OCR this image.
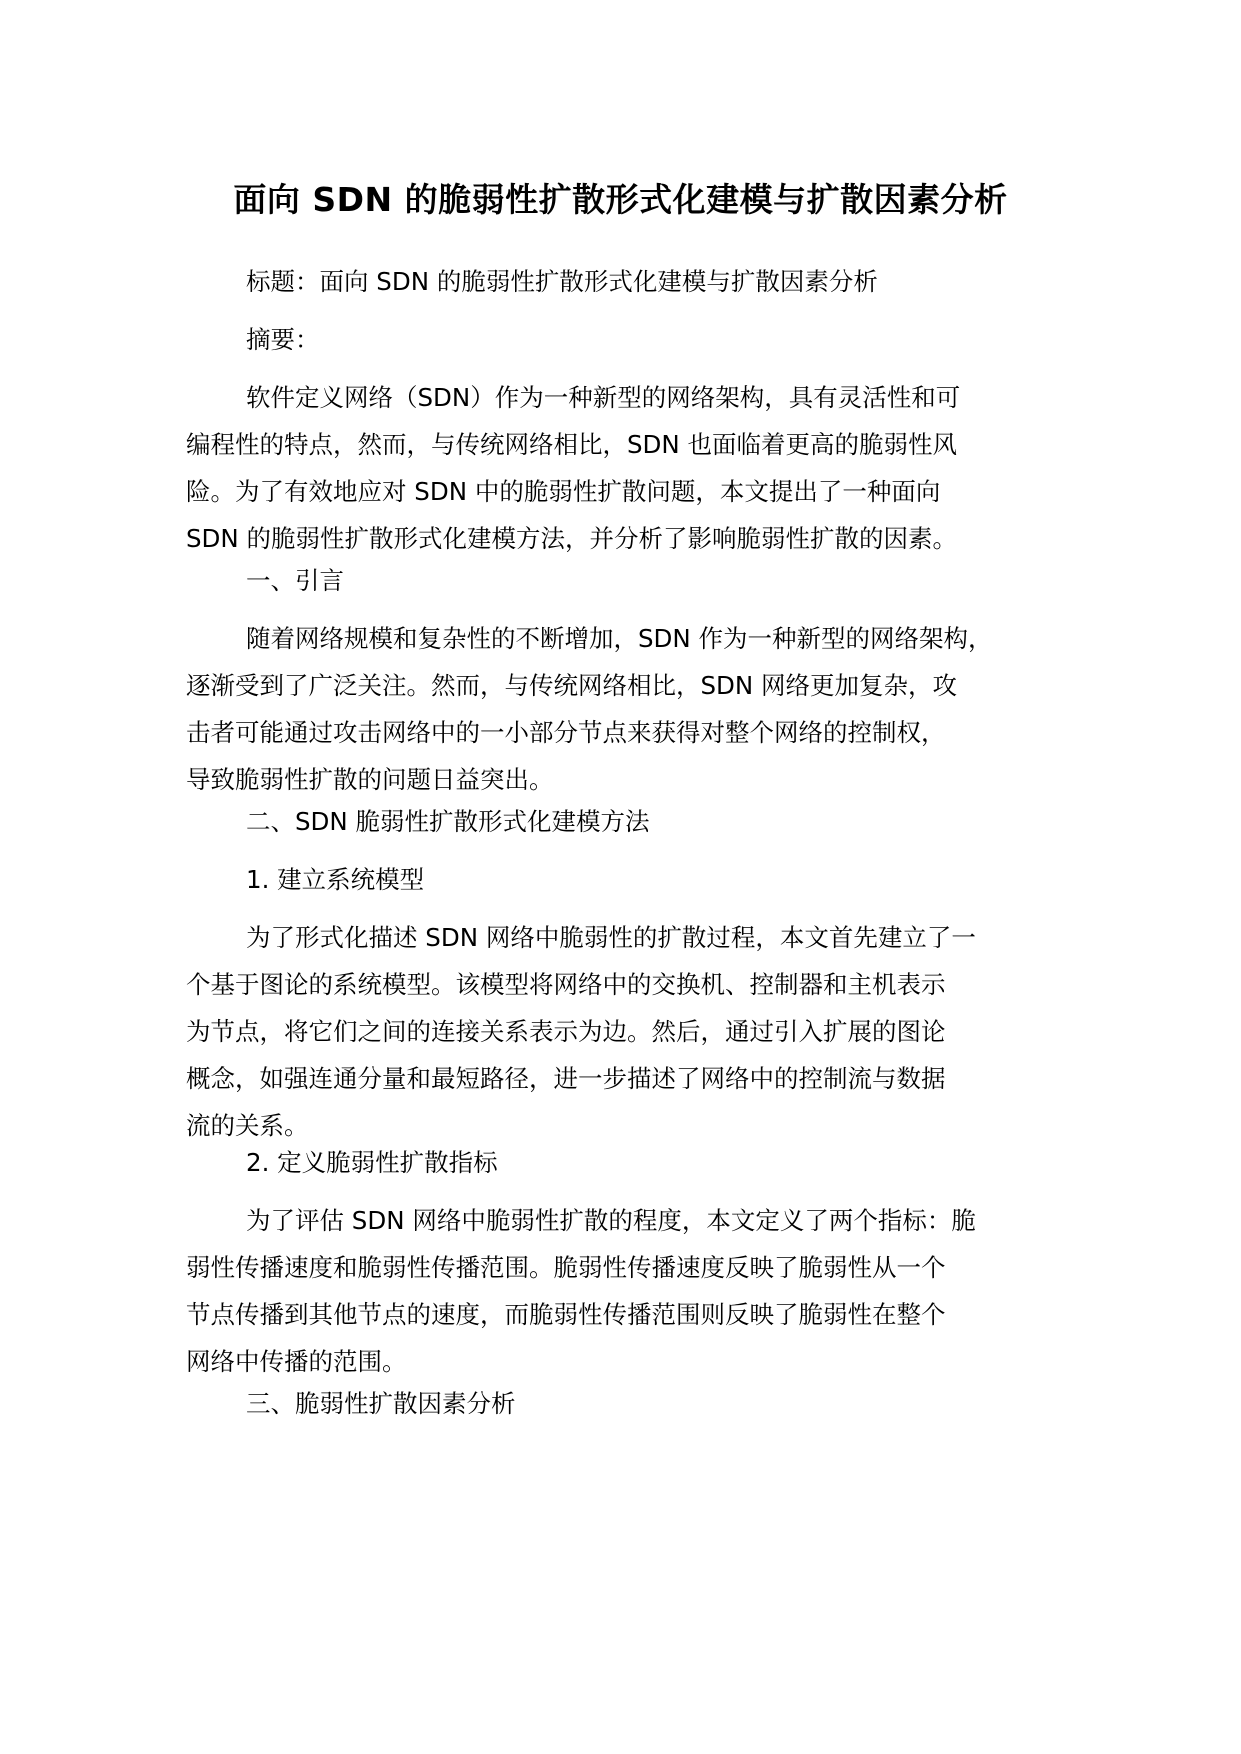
面向 SDN 的脆弱性扩散形式化建模与扩散因素分析

标题：面向 SDN 的脆弱性扩散形式化建模与扩散因素分析

摘要：

软件定义网络（SDN）作为一种新型的网络架构，具有灵活性和可
编程性的特点，然而，与传统网络相比，SDN 也面临着更高的脆弱性风
险。为了有效地应对 SDN 中的脆弱性扩散问题，本文提出了一种面向
SDN 的脆弱性扩散形式化建模方法，并分析了影响脆弱性扩散的因素。

一、引言

随着网络规模和复杂性的不断增加，SDN 作为一种新型的网络架构，
逐渐受到了广泛关注。然而，与传统网络相比，SDN 网络更加复杂，攻
击者可能通过攻击网络中的一小部分节点来获得对整个网络的控制权，
导致脆弱性扩散的问题日益突出。

二、SDN 脆弱性扩散形式化建模方法

1. 建立系统模型

为了形式化描述 SDN 网络中脆弱性的扩散过程，本文首先建立了一
个基于图论的系统模型。该模型将网络中的交换机、控制器和主机表示
为节点，将它们之间的连接关系表示为边。然后，通过引入扩展的图论
概念，如强连通分量和最短路径，进一步描述了网络中的控制流与数据
流的关系。

2. 定义脆弱性扩散指标

为了评估 SDN 网络中脆弱性扩散的程度，本文定义了两个指标：脆
弱性传播速度和脆弱性传播范围。脆弱性传播速度反映了脆弱性从一个
节点传播到其他节点的速度，而脆弱性传播范围则反映了脆弱性在整个
网络中传播的范围。

三、脆弱性扩散因素分析
